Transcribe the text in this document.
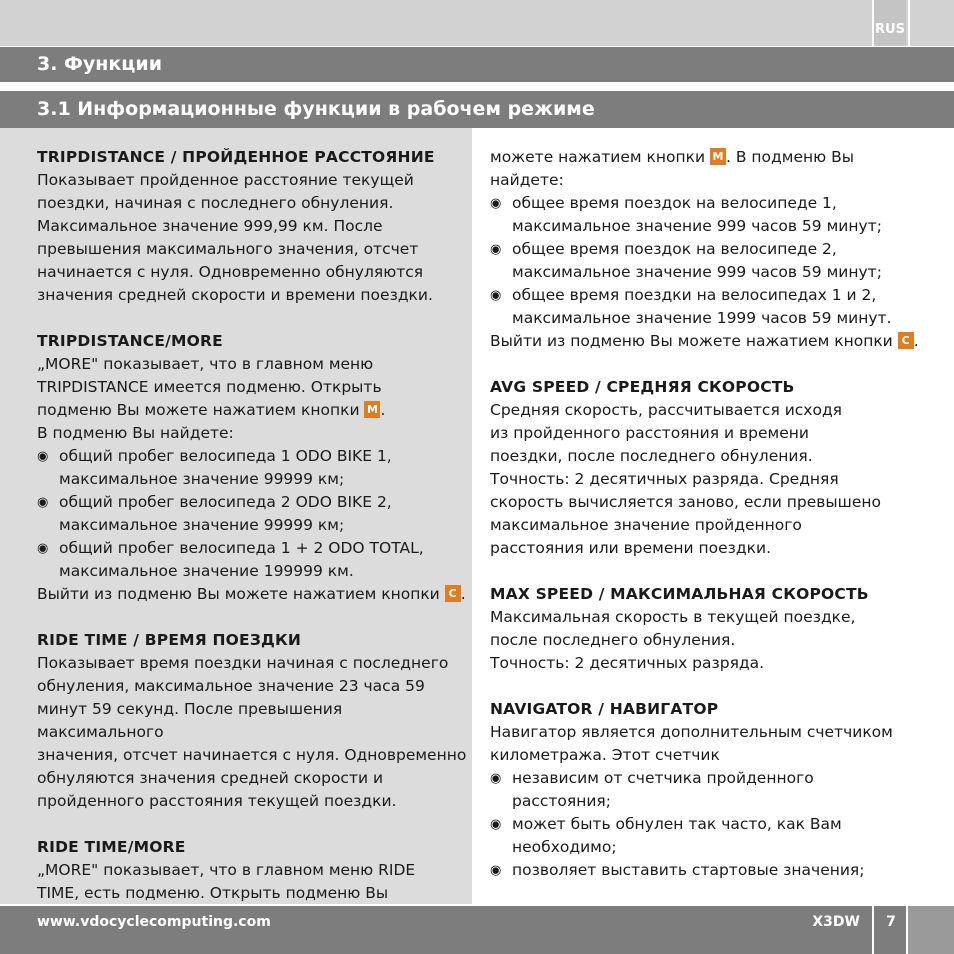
RUS
3. Функции
3.1 Информационные функции в рабочем режиме

TRIPDISTANCE / ПРОЙДЕННОЕ РАССТОЯНИЕ

Показывает пройденное расстояние текущей

поездки, начиная с последнего обнуления.

Максимальное значение 999,99 км. После

превышения максимального значения, отсчет

начинается с нуля. Одновременно обнуляются

значения средней скорости и времени поездки.

TRIPDISTANCE/MORE

„MORE" показывает, что в главном меню

TRIPDISTANCE имеется подменю. Открыть

подменю Вы можете нажатием кнопки M .

В подменю Вы найдете:

◉ общий пробег велосипеда 1 ODO BIKE 1,
максимальное значение 99999 км;
◉ общий пробег велосипеда 2 ODO BIKE 2,
максимальное значение 99999 км;
◉ общий пробег велосипеда 1 + 2 ODO TOTAL,
максимальное значение 199999 км.

Выйти из подменю Вы можете нажатием кнопки C .

RIDE TIME / ВРЕМЯ ПОЕЗДКИ

Показывает время поездки начиная с последнего

обнуления, максимальное значение 23 часа 59

минут 59 секунд. После превышения максимального

значения, отсчет начинается с нуля. Одновременно

обнуляются значения средней скорости и

пройденного расстояния текущей поездки.

RIDE TIME/MORE

„MORE" показывает, что в главном меню RIDE

TIME, есть подменю. Открыть подменю Вы

можете нажатием кнопки M . В подменю Вы

найдете:

◉ общее время поездок на велосипеде 1,
максимальное значение 999 часов 59 минут;
◉ общее время поездок на велосипеде 2,
максимальное значение 999 часов 59 минут;
◉ общее время поездки на велосипедах 1 и 2,
максимальное значение 1999 часов 59 минут.

Выйти из подменю Вы можете нажатием кнопки C .

AVG SPEED / СРЕДНЯЯ СКОРОСТЬ

Средняя скорость, рассчитывается исходя

из пройденного расстояния и времени

поездки, после последнего обнуления.

Точность: 2 десятичных разряда. Средняя

скорость вычисляется заново, если превышено

максимальное значение пройденного

расстояния или времени поездки.

MAX SPEED / МАКСИМАЛЬНАЯ СКОРОСТЬ

Максимальная скорость в текущей поездке,

после последнего обнуления.

Точность: 2 десятичных разряда.

NAVIGATOR / НАВИГАТОР

Навигатор является дополнительным счетчиком

километража. Этот счетчик

◉ независим от счетчика пройденного
расстояния;
◉ может быть обнулен так часто, как Вам
необходимо;
◉ позволяет выставить стартовые значения;
www.vdocyclecomputing.com	X3DW	7
